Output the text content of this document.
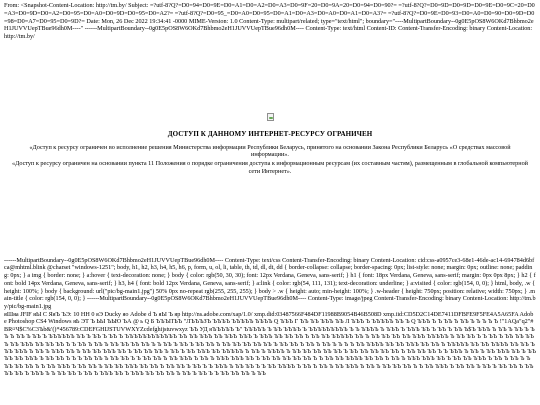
From: <Snapshot-Content-Location: http://tm.by/ Subject: =?utf-8?Q?=D0=94=D0=9E=D0=A1=D0=A2=D0=A3=D0=9F=20=D0=9A=20=D0=94=D0=90?= =?utf-8?Q?=D0=9D=D0=9D=D0=9E=D0=9C=20=D0=A3=D0=9D=D0=A2=D0=95=D0=A0=D0=9D=D0=95=D0=A2?= =?utf-8?Q?=D0=95_=D0=A0=D0=95=D0=A1=D0=A3=D0=A0=D0=A1=D0=A3?= =?utf-8?Q?=D0=9E=D0=93=D0=A0=D0=90=D0=9D=D0=98=D0=A7=D0=95=D0=9D?= Date: Mon, 26 Dec 2022 19:34:41 -0000 MIME-Version: 1.0 Content-Type: multipart/related; type="text/html"; boundary="----MultipartBoundary--0g0E5pOS8W6OKd7Bhbmo2eH1JUVVUepTBue96dh0M----" ------MultipartBoundary--0g0E5pOS8W6OKd7Bhbmo2eH1JUVVUepTBue96dh0M---- Content-Type: text/html Content-ID: Content-Transfer-Encoding: binary Content-Location: http://tm.by/
ДОСТУП К ДАННОМУ ИНТЕРНЕТ-РЕСУРСУ ОГРАНИЧЕН

«Доступ к ресурсу ограничен во исполнение решения Министерства информации Республики Беларусь, принятого на основании Закона Республики Беларусь «О средствах массовой информации».

«Доступ к ресурсу ограничен на основании пункта 11 Положения о порядке ограничения доступа к информационным ресурсам (их составным частям), размещенным в глобальной компьютерной сети Интернет».

------MultipartBoundary--0g0E5pOS8W6OKd7Bhbmo2eH1JUVVUepTBue96dh0M---- Content-Type: text/css Content-Transfer-Encoding: binary Content-Location: cid:css-a0957ce3-68e1-46de-ac14-694784d6bfca@mhtml.blink @charset "windows-1251"; body, h1, h2, h3, h4, h5, h6, p, form, u, ol, li, table, th, td, dl, dt, dd { border-collapse: collapse; border-spacing: 0px; list-style: none; margin: 0px; outline: none; padding: 0px; } a img { border: none; } a:hover { text-decoration: none; } body { color: rgb(50, 30, 30); font: 12px Verdana, Geneva, sans-serif; } h1 { font: 18px Verdana, Geneva, sans-serif; margin: 0px 0px 8px; } h2 { font: bold 14px Verdana, Geneva, sans-serif; } h3, h4 { font: bold 12px Verdana, Geneva, sans-serif; } a:link { color: rgb(54, 111, 131); text-decoration: underline; } a:visited { color: rgb(154, 0, 0); } html, body, .w { height: 100%; } body { background: url("pic/bg-main1.jpg") 50% 0px no-repeat rgb(255, 255, 255); } body > .w { height: auto; min-height: 100%; } .w-header { height: 750px; position: relative; width: 750px; } .main-title { color: rgb(154, 0, 0); } ------MultipartBoundary--0g0E5pOS8W6OKd7Bhbmo2eH1JUVVUepTBue96dh0M---- Content-Type: image/jpeg Content-Transfer-Encoding: binary Content-Location: http://tm.by/pic/bg-main1.jpg
яШяа JFIF яЫ C ЯяЪ ЪЭ: 10 НН 0 яЭ Ducky яо Adobe d Ъ яЫ Ъ яр http://ns.adobe.com/xap/1.0/ xmp.did:03487566F484DF11988B9054B46B508D xmp.iid:CD5D2C14DE7411DFBFE9F5FE4A5A65FA Adobe Photoshop CS4 Windows яЬ ЭТ Ъ ЬЫ ЪЬЮ ЪА @ ь Q Б ЪЪЪПЪЪ "ЛЪЪЪЗЪ ЪЪЪЪ ЪЪЪЪЪ ЪЪЪЪ Q ЪЪЪ Г ЪЪ ЪЪ ЪЪЪ ЪЪ Л ЪЪЪ Ъ ЪЪЪЪЪ ЪЪ Ъ Q ЪЪЪ Ъ Ъ ЪЪ Ъ ЪЪ Ъ Ъ Ъ Ъ Ъ !"1AQa"q2"#BR¤Ч$С%С3Ъb&'()*456789:CDEFGHIJSTUVWXYZcdefghijstuvwxyz ЪЪ УД яЪЪЪЪЪ Ъ" ЪЪЪЪЪ Ъ ЪЪ ЪЪЪЪ Ъ ЪЪЪЪЪЪЪЪЪ Ъ Ъ ЪЪЪЪ Ъ ЪЪЪ Ъ ЪЪЪ ЪЪ Ъ ЪЪ Ъ ЪЪ Ъ$Ъ ЪЪЪ Ъ ЪЪ Ъ ЪЪ Ъ ЪЪ Ъ ЪЪ Ъ ЪЪ Ъ ЪЪЪЪЪЪ ЪЪ Ъ ЪЪ Ъ ЪЪ Ъ ЪЪЪЪЪЪЪЪЪЪЪЪ ЪЪ ЪЪ ЪЪЪ ЪЪ ЪЪЪ ЪЪЪ Ъ ЪЪЪ ЪЪ ЪЪ ЪЪ Ъ ЪЪ ЪЪ ЪЪЪЪЪ ЪЪ Ъ ЪЪ ЪЪ ЪЪ ЪЪ ЪЪЪ ЪЪЪЪЪ Ъ ЪЪ ЪЪ Ъ Ъ ЪЪ Ъ ЪЪ ЪЪ ЪЪЪ ЪЪ ЪЪЪ ЪЪ ЪЪ ЪЪ Ъ Ъ ЪЪ Ъ ЪЪ Ъ ЪЪ ЪЪ ЪЪ ЪЪ Ъ Ъ ЪЪ Ъ ЪЪ Ъ ЪЪ ЪЪ Ъ ЪЪ ЪЪ ЪЪ ЪЪ ЪЪ Ъ ЪЪ ЪЪ Ъ ЪЪ Ъ ЪЪ Ъ Ъ Ъ Ъ ЪЪ ЪЪЪЪ ЪЪ ЪЪ ЪЪЪ ЪЪ ЪЪ Ъ ЪЪЪЪЪ ЪЪ ЪЪ ЪЪЪЪ ЪЪ ЪЪ Ъ ЪЪ ЪЪЪ Ъ ЪЪ Ъ ЪЪЪ ЪЪ Ъ ЪЪ ЪЪ ЪЪЪ ЪЪ Ъ ЪЪ ЪЪ ЪЪ Ъ ЪЪ Ъ ЪЪ ЪЪЪ ЪЪ ЪЪЪЪЪ Ъ ЪЪ Ъ ЪЪЪЪ Ъ ЪЪ ЪЪ ЪЪ ЪЪ ЪЪ Ъ ЪЪ ЪЪ ЪЪ ЪЪ ЪЪ Ъ ЪЪ ЪЪ ЪЪ Ъ Ъ ЪЪЪ Ъ ЪЪ Ъ ЪЪ ЪЪЪ ЪЪ Ъ ЪЪЪЪ ЪЪ ЪЪЪ Ъ ЪЪ ЪЪ Ъ Ъ Ъ ЪЪ ЪЪ Ъ ЪЪ ЪЪ Ъ Ъ ЪЪ ЪЪ Ъ ЪЪ ЪЪЪ Ъ ЪЪ Ъ ЪЪЪ ЪЪЪ ЪЪ Ъ ЪЪ ЪЪ ЪЪ ЪЪ ЪЪ Ъ Ъ ЪЪ ЪЪ ЪЪЪЪ ЪЪ ЪЪ Ъ ЪЪ Ъ ЪЪЪ ЪЪЪ ЪЪ Ъ ЪЪ ЪЪ ЪЪЪ Ъ ЪЪ Ъ ЪЪ Ъ Ъ ЪЪ ЪЪ ЪЪ Ъ Ъ ЪЪ ЪЪЪ Ъ ЪЪ ЪЪ Ъ ЪЪ ЪЪ ЪЪЪ ЪЪ ЪЪ Ъ ЪЪ ЪЪ Ъ ЪЪ Ъ Ъ ЪЪЪ Ъ ЪЪ ЪЪ Ъ Ъ ЪЪ ЪЪЪЪ Ъ ЪЪ Ъ ЪЪ Ъ ЪЪ ЪЪЪ Ъ ЪЪ Ъ ЪЪ ЪЪ ЪЪ Ъ Ъ ЪЪ ЪЪЪ Ъ ЪЪ ЪЪ Ъ ЪЪ Ъ ЪЪ ЪЪ Ъ ЪЪ ЪЪ ЪЪ Ъ ЪЪЪ Ъ Ъ ЪЪ ЪЪ Ъ ЪЪ Ъ ЪЪЪ ЪЪ Ъ ЪЪЪ ЪЪ ЪЪ ЪЪ Ъ ЪЪ Ъ ЪЪ Ъ Ъ ЪЪ ЪЪ ЪЪ Ъ ЪЪ
